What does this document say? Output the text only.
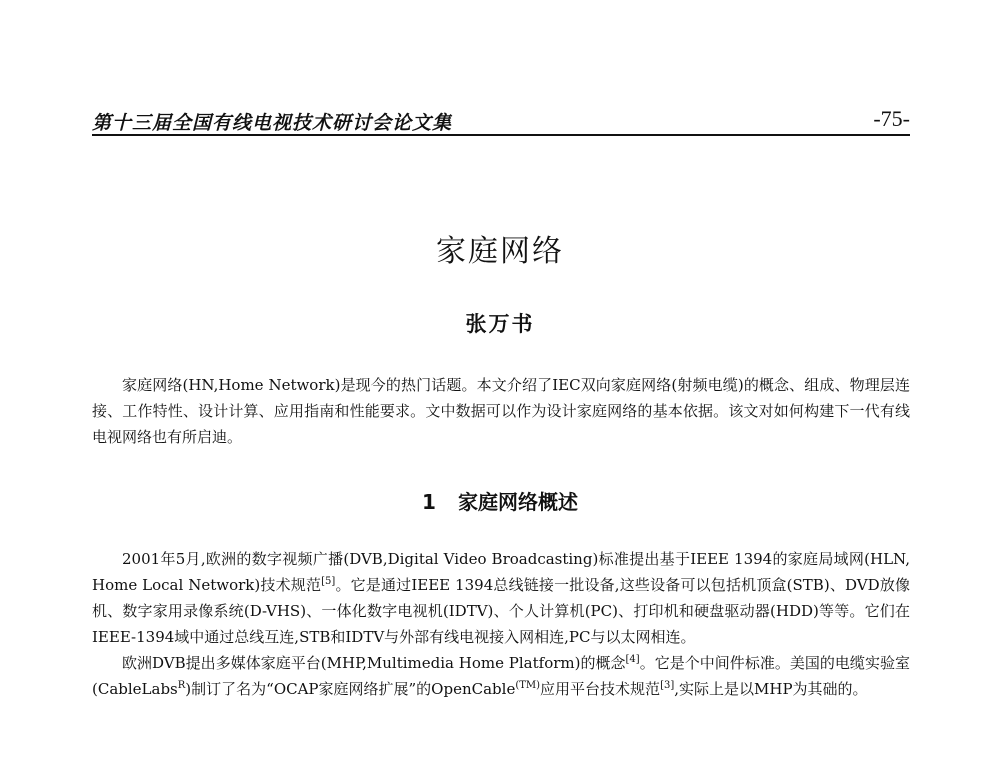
第十三届全国有线电视技术研讨会论文集	-75-
家庭网络
张万书

家庭网络(HN,Home Network)是现今的热门话题。本文介绍了IEC双向家庭网络(射频电缆)的概念、组成、物理层连接、工作特性、设计计算、应用指南和性能要求。文中数据可以作为设计家庭网络的基本依据。该文对如何构建下一代有线电视网络也有所启迪。

1 家庭网络概述

2001年5月,欧洲的数字视频广播(DVB,Digital Video Broadcasting)标准提出基于IEEE 1394的家庭局域网(HLN, Home Local Network)技术规范[5]。它是通过IEEE 1394总线链接一批设备,这些设备可以包括机顶盒(STB)、DVD放像机、数字家用录像系统(D-VHS)、一体化数字电视机(IDTV)、个人计算机(PC)、打印机和硬盘驱动器(HDD)等等。它们在IEEE-1394域中通过总线互连,STB和IDTV与外部有线电视接入网相连,PC与以太网相连。

欧洲DVB提出多媒体家庭平台(MHP,Multimedia Home Platform)的概念[4]。它是个中间件标准。美国的电缆实验室(CableLabs$^R$)制订了名为“OCAP家庭网络扩展”的OpenCable$^{(TM)}$应用平台技术规范[3],实际上是以MHP为其础的。
